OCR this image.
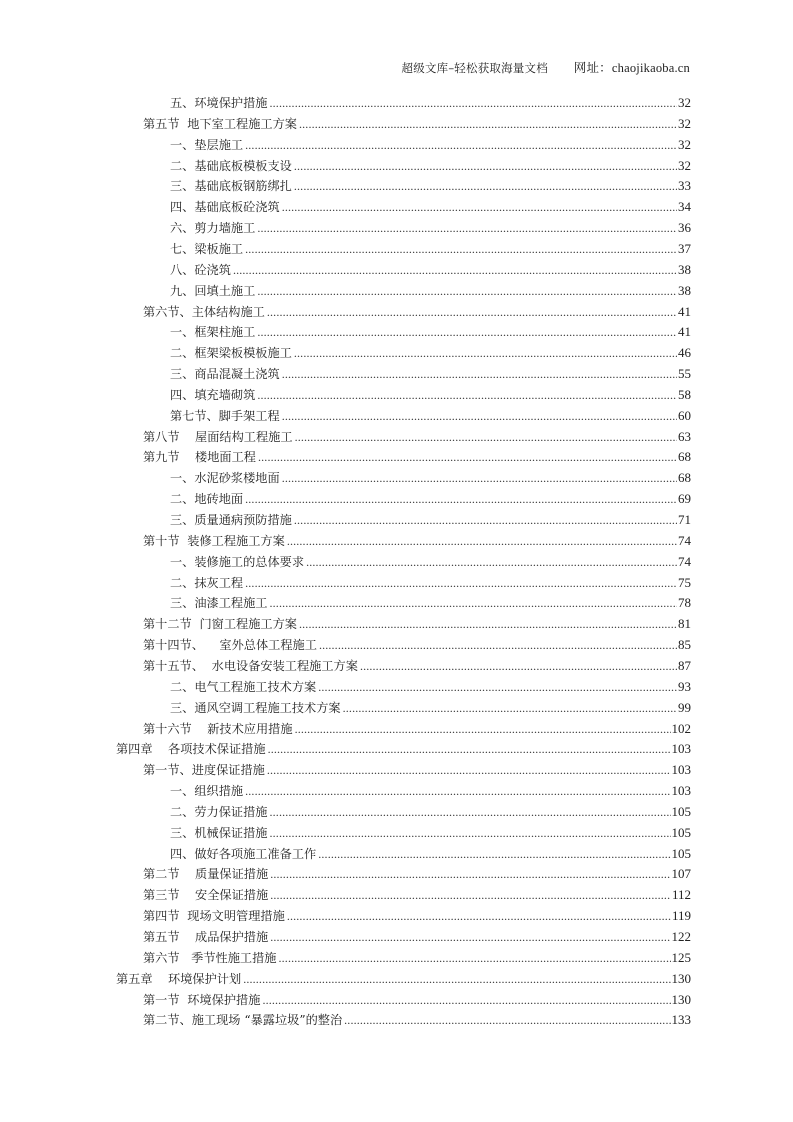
超级文库–轻松获取海量文档 网址：chaojikaoba.cn
五、环境保护措施 .....	32
第五节  地下室工程施工方案 .....	32
一、垫层施工 .....	32
二、基础底板模板支设 .....	32
三、基础底板钢筋绑扎 .....	33
四、基础底板砼浇筑 .....	34
六、剪力墙施工 .....	36
七、梁板施工 .....	37
八、砼浇筑 .....	38
九、回填土施工 .....	38
第六节、主体结构施工 .....	41
一、框架柱施工 .....	41
二、框架梁板模板施工 .....	46
三、商品混凝土浇筑 .....	55
四、填充墙砌筑 .....	58
第七节、脚手架工程 .....	60
第八节    屋面结构工程施工 .....	63
第九节    楼地面工程 .....	68
一、水泥砂浆楼地面 .....	68
二、地砖地面 .....	69
三、质量通病预防措施 .....	71
第十节  装修工程施工方案 .....	74
一、装修施工的总体要求 .....	74
二、抹灰工程 .....	75
三、油漆工程施工 .....	78
第十二节  门窗工程施工方案 .....	81
第十四节、    室外总体工程施工 .....	85
第十五节、  水电设备安装工程施工方案 .....	87
二、电气工程施工技术方案 .....	93
三、通风空调工程施工技术方案 .....	99
第十六节    新技术应用措施 .....	102
第四章    各项技术保证措施 .....	103
第一节、进度保证措施 .....	103
一、组织措施 .....	103
二、劳力保证措施 .....	105
三、机械保证措施 .....	105
四、做好各项施工准备工作 .....	105
第二节    质量保证措施 .....	107
第三节    安全保证措施 .....	112
第四节  现场文明管理措施 .....	119
第五节    成品保护措施 .....	122
第六节   季节性施工措施 .....	125
第五章    环境保护计划 .....	130
第一节  环境保护措施 .....	130
第二节、施工现场 “暴露垃圾”的整治 .....	133
